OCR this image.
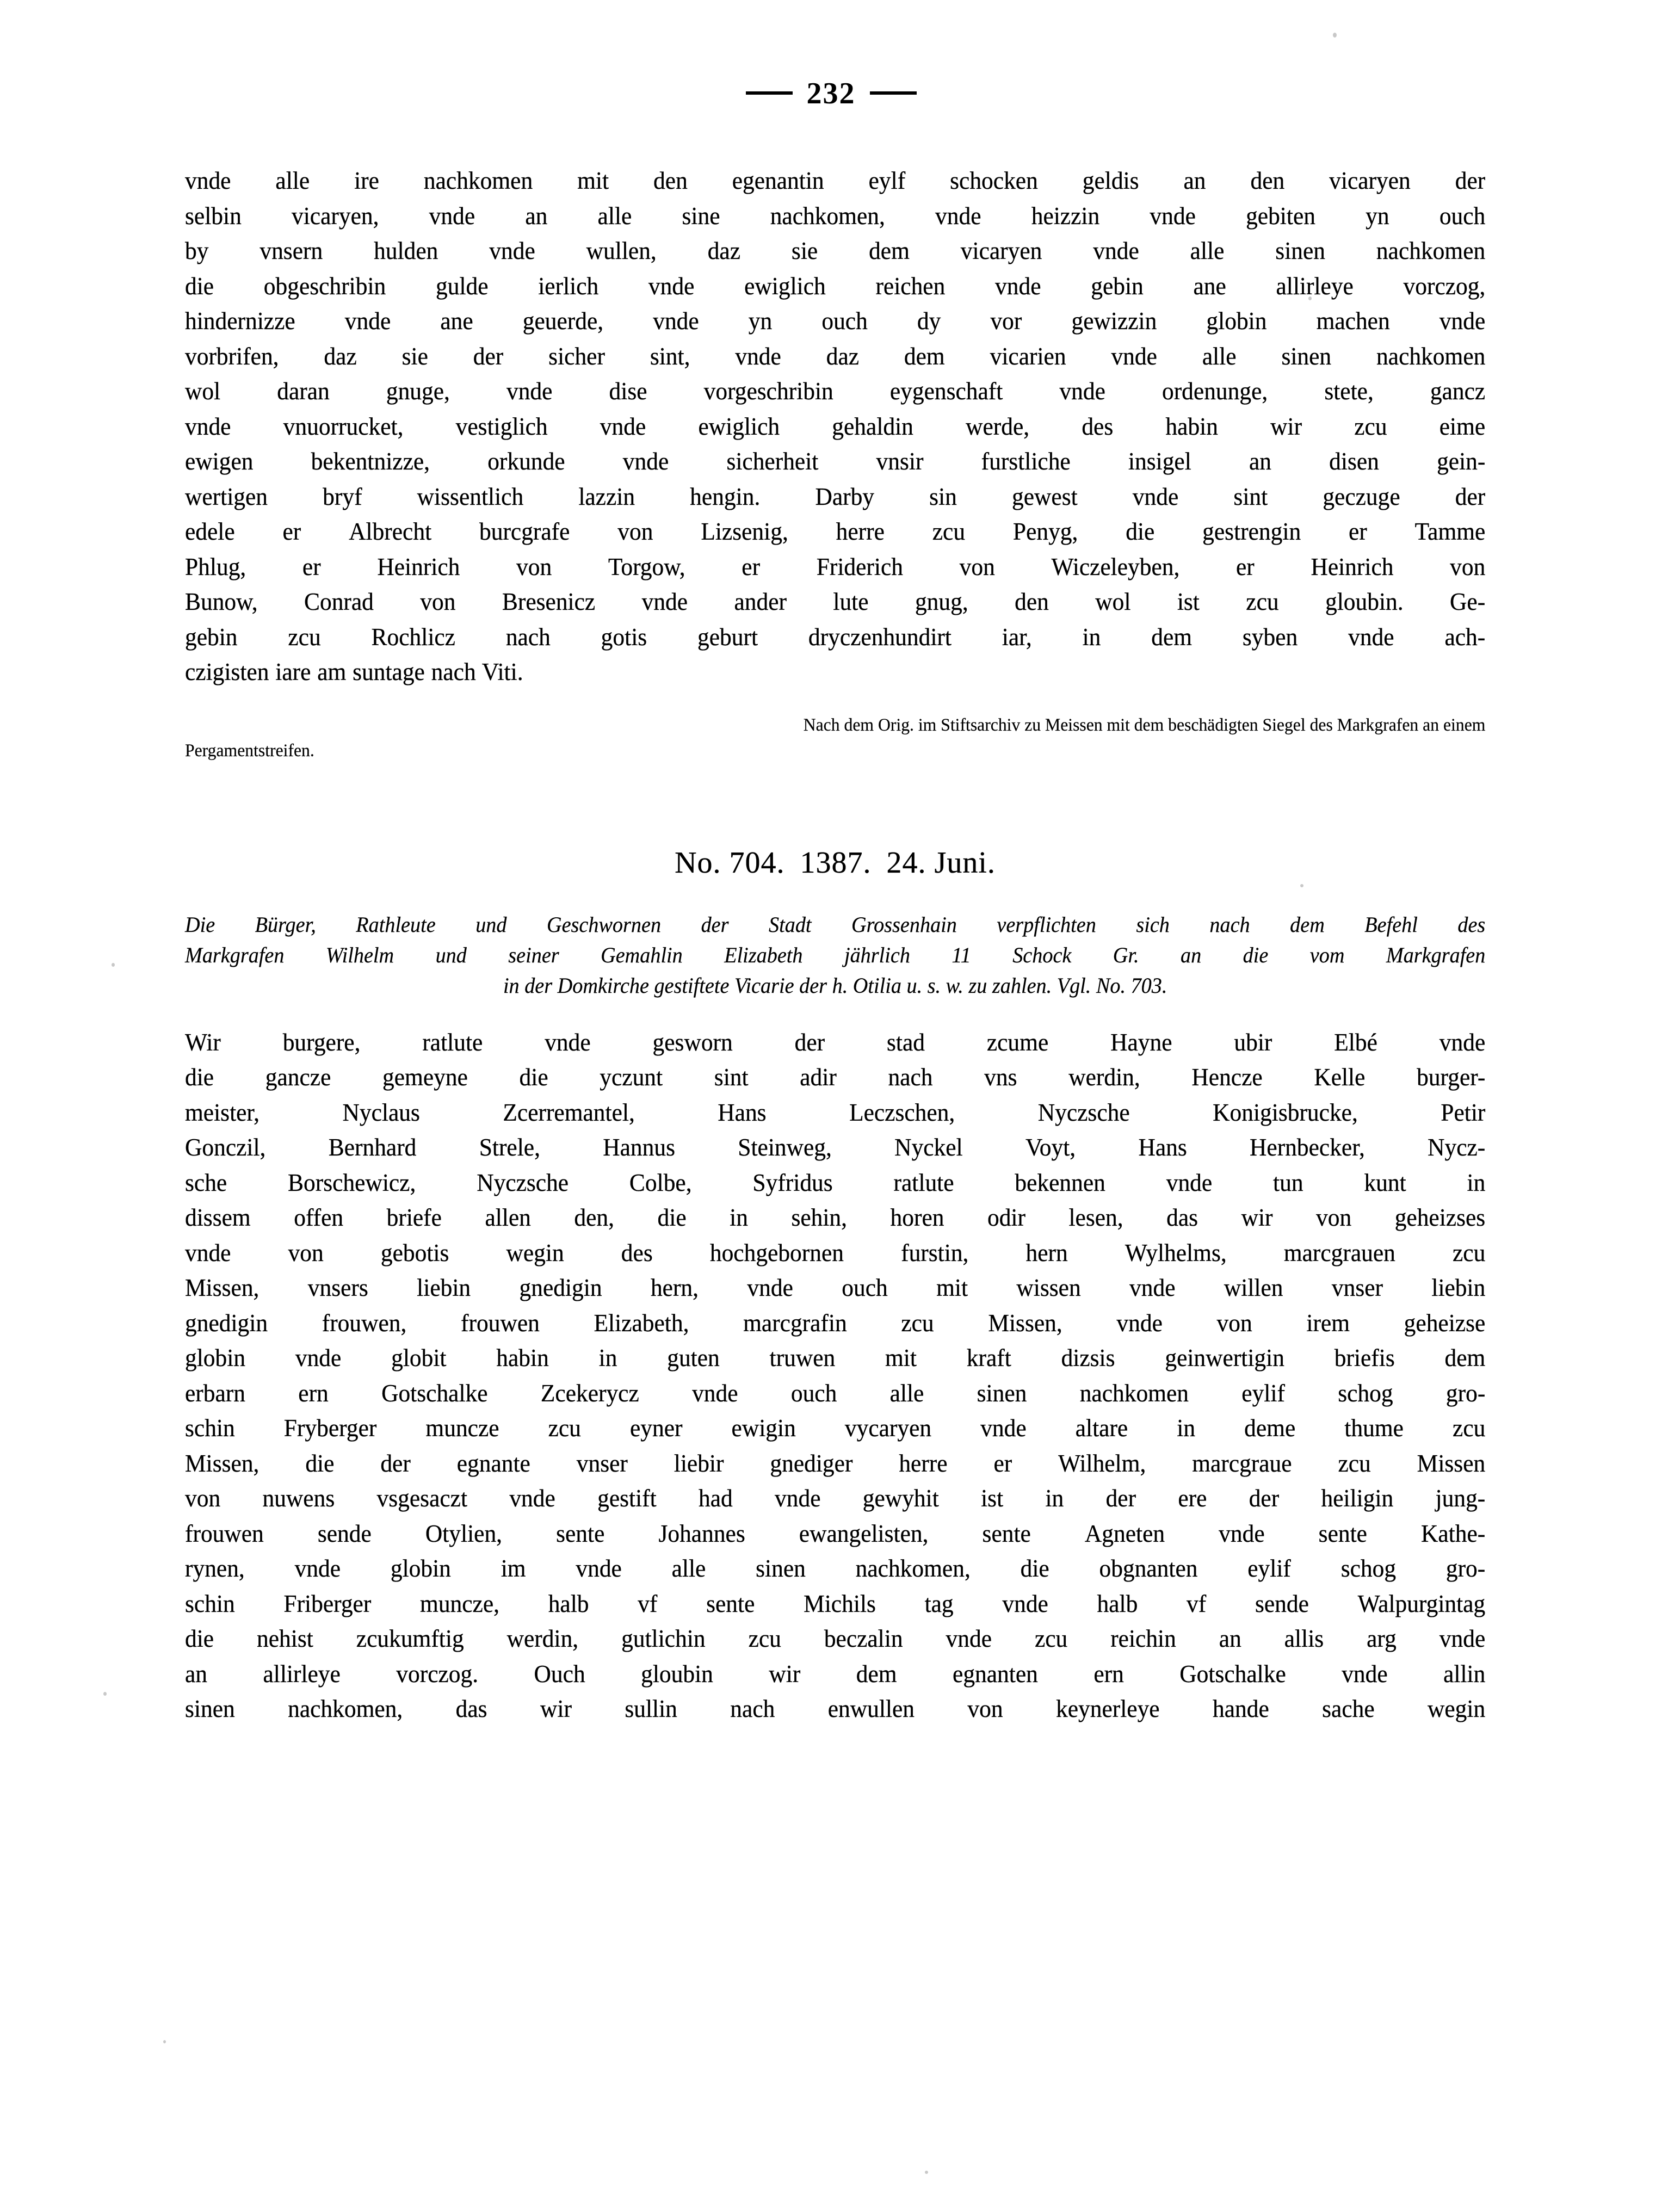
232
vnde alle ire nachkomen mit den egenantin eylf schocken geldis an den vicaryen der
selbin vicaryen, vnde an alle sine nachkomen, vnde heizzin vnde gebiten yn ouch
by vnsern hulden vnde wullen, daz sie dem vicaryen vnde alle sinen nachkomen
die obgeschribin gulde ierlich vnde ewiglich reichen vnde gebin ane allirleye vorczog,
hindernizze vnde ane geuerde, vnde yn ouch dy vor gewizzin globin machen vnde
vorbrifen, daz sie der sicher sint, vnde daz dem vicarien vnde alle sinen nachkomen
wol daran gnuge, vnde dise vorgeschribin eygenschaft vnde ordenunge, stete, gancz
vnde vnuorrucket, vestiglich vnde ewiglich gehaldin werde, des habin wir zcu eime
ewigen bekentnizze, orkunde vnde sicherheit vnsir furstliche insigel an disen gein-
wertigen bryf wissentlich lazzin hengin. Darby sin gewest vnde sint geczuge der
edele er Albrecht burcgrafe von Lizsenig, herre zcu Penyg, die gestrengin er Tamme
Phlug, er Heinrich von Torgow, er Friderich von Wiczeleyben, er Heinrich von
Bunow, Conrad von Bresenicz vnde ander lute gnug, den wol ist zcu gloubin. Ge-
gebin zcu Rochlicz nach gotis geburt dryczenhundirt iar, in dem syben vnde ach-
czigisten iare am suntage nach Viti.
Nach dem Orig. im Stiftsarchiv zu Meissen mit dem beschädigten Siegel des Markgrafen an einem
Pergamentstreifen.
No. 704. 1387. 24. Juni.
Die Bürger, Rathleute und Geschwornen der Stadt Grossenhain verpflichten sich nach dem Befehl des
Markgrafen Wilhelm und seiner Gemahlin Elizabeth jährlich 11 Schock Gr. an die vom Markgrafen
in der Domkirche gestiftete Vicarie der h. Otilia u. s. w. zu zahlen. Vgl. No. 703.
Wir	burgere,	ratlute	vnde	gesworn	der	stad	zcume	Hayne	ubir	Elbé	vnde
die gancze gemeyne die yczunt sint adir nach vns werdin, Hencze Kelle burger-
meister,	Nyclaus	Zcerremantel,	Hans	Leczschen,	Nyczsche	Konigisbrucke,	Petir
Gonczil,	Bernhard	Strele,	Hannus	Steinweg,	Nyckel	Voyt,	Hans	Hernbecker,	Nycz-
sche Borschewicz, Nyczsche Colbe, Syfridus ratlute bekennen vnde tun kunt in
dissem offen briefe allen den, die in sehin, horen odir lesen, das wir von geheizses
vnde von gebotis wegin des hochgebornen furstin, hern Wylhelms, marcgrauen zcu
Missen, vnsers liebin gnedigin hern, vnde ouch mit wissen vnde willen vnser liebin
gnedigin frouwen, frouwen Elizabeth, marcgrafin zcu Missen, vnde von irem geheizse
globin vnde globit habin in guten truwen mit kraft dizsis geinwertigin briefis dem
erbarn ern Gotschalke Zcekerycz vnde ouch alle sinen nachkomen eylif schog gro-
schin Fryberger muncze zcu eyner ewigin vycaryen vnde altare in deme thume zcu
Missen, die der egnante vnser liebir gnediger herre er Wilhelm, marcgraue zcu Missen
von nuwens vsgesaczt vnde gestift had vnde gewyhit ist in der ere der heiligin jung-
frouwen sende Otylien, sente Johannes ewangelisten, sente Agneten vnde sente Kathe-
rynen, vnde globin im vnde alle sinen nachkomen, die obgnanten eylif schog gro-
schin Friberger muncze, halb vf sente Michils tag vnde halb vf sende Walpurgintag
die nehist zcukumftig werdin, gutlichin zcu beczalin vnde zcu reichin an allis arg vnde
an allirleye vorczog. Ouch gloubin wir dem egnanten ern Gotschalke vnde allin
sinen nachkomen, das wir sullin nach enwullen von keynerleye hande sache wegin
